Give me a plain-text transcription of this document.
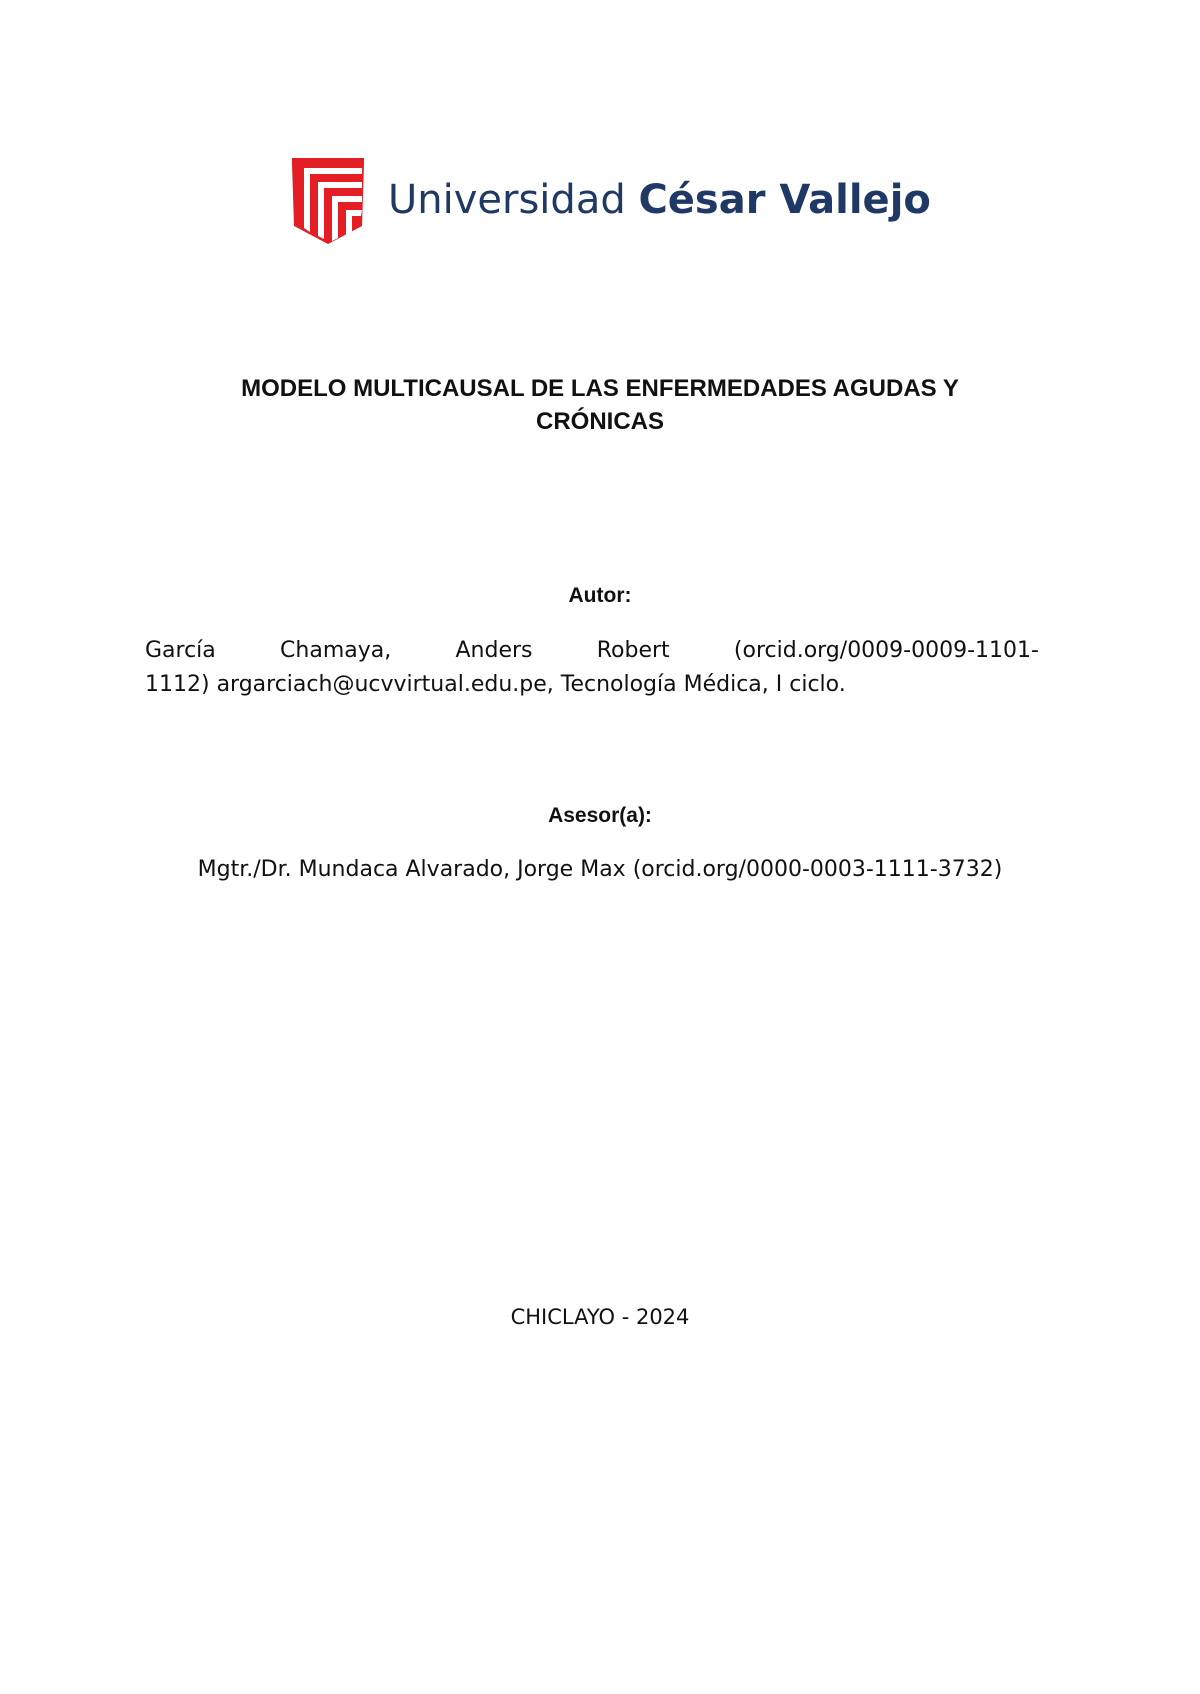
Universidad César Vallejo
MODELO MULTICAUSAL DE LAS ENFERMEDADES AGUDAS Y
CRÓNICAS
Autor:
García	Chamaya,	Anders	Robert	(orcid.org/0009-0009-1101-
1112) argarciach@ucvvirtual.edu.pe, Tecnología Médica, I ciclo.
Asesor(a):
Mgtr./Dr. Mundaca Alvarado, Jorge Max (orcid.org/0000-0003-1111-3732)
CHICLAYO - 2024
